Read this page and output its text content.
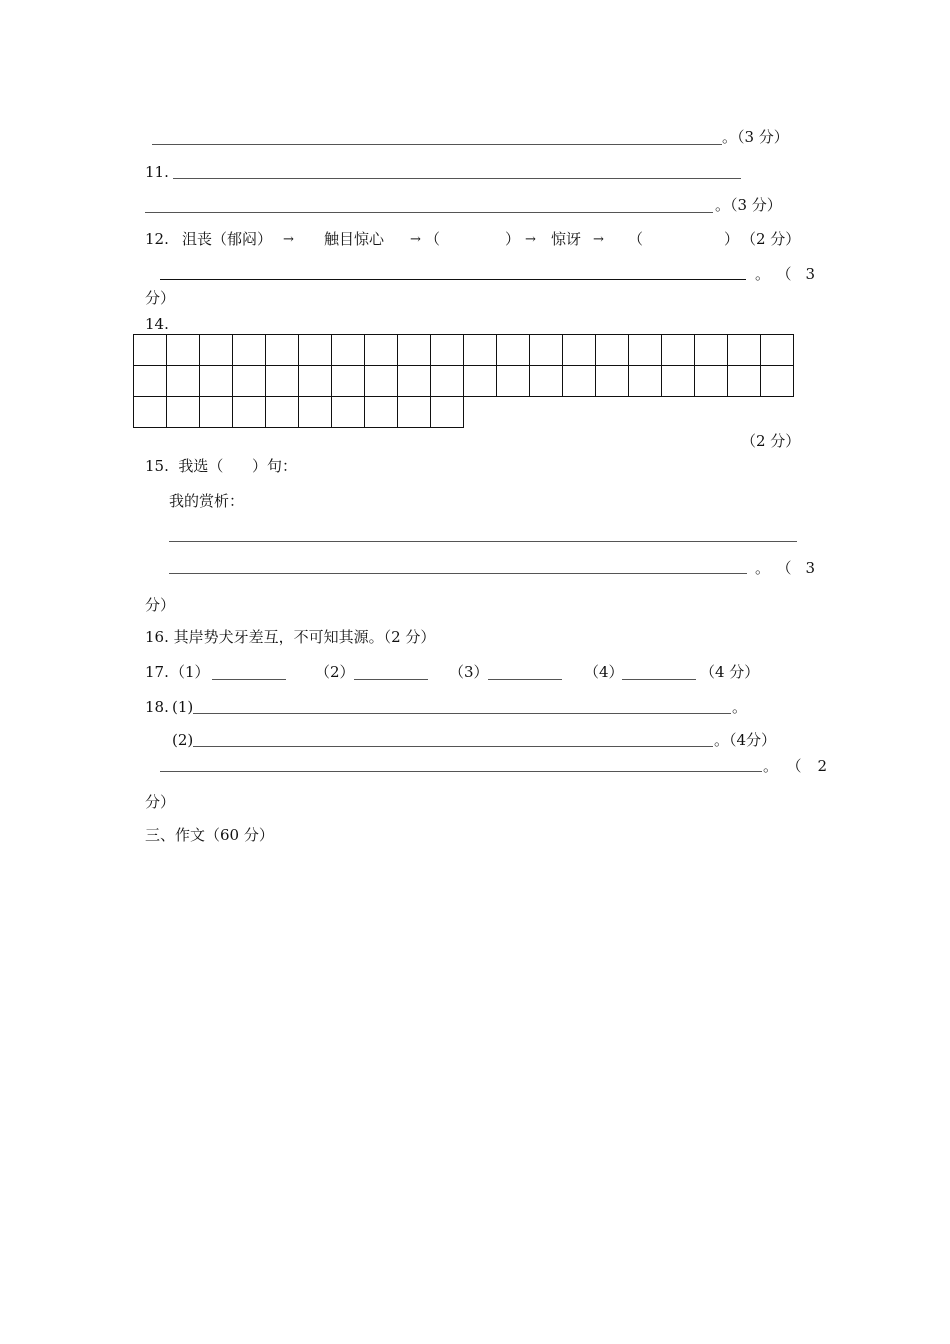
。（3 分）
11.
。（3 分）
12. 沮丧（郁闷） → 触目惊心 → （	） → 惊讶 → （	） （2 分）
。（3
分）
14.
（2 分）
15.  我选（      ）句：
我的赏析：
。（3
分）
16. 其岸势犬牙差互，不可知其源。（2 分）
17. （1）	（2）	（3）	（4）	（4 分）
18. (1)	。
(2)	。（4分）
。（2
分）
三、作文（60 分）
